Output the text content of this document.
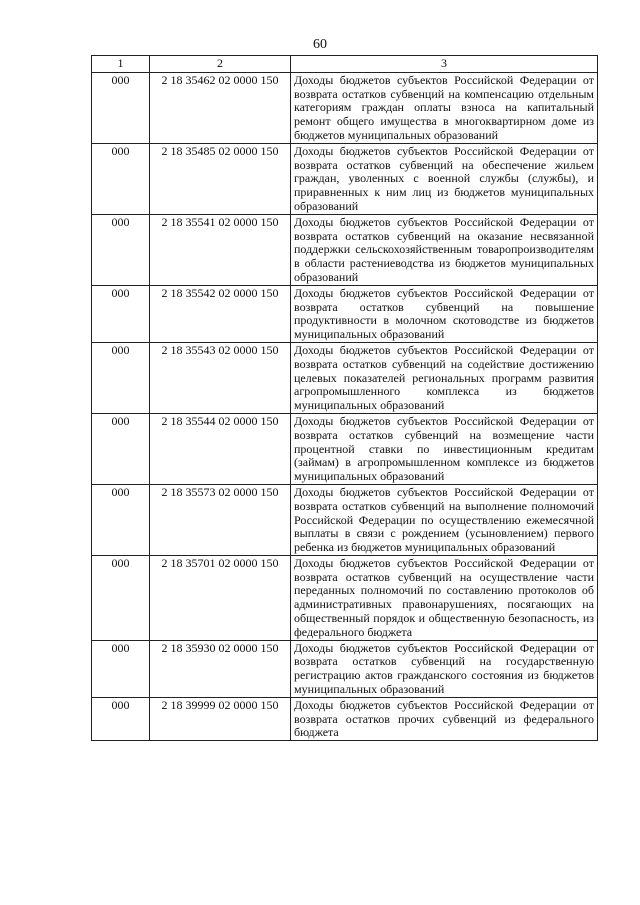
60
1	2	3
000	2 18 35462 02 0000 150	Доходы бюджетов субъектов Российской Федерации от возврата остатков субвенций на компенсацию отдельным категориям граждан оплаты взноса на капитальный ремонт общего имущества в многоквартирном доме из бюджетов муниципальных образований
000	2 18 35485 02 0000 150	Доходы бюджетов субъектов Российской Федерации от возврата остатков субвенций на обеспечение жильем граждан, уволенных с военной службы (службы), и приравненных к ним лиц из бюджетов муниципальных образований
000	2 18 35541 02 0000 150	Доходы бюджетов субъектов Российской Федерации от возврата остатков субвенций на оказание несвязанной поддержки сельскохозяйственным товаропроизводителям в области растениеводства из бюджетов муниципальных образований
000	2 18 35542 02 0000 150	Доходы бюджетов субъектов Российской Федерации от возврата остатков субвенций на повышение продуктивности в молочном скотоводстве из бюджетов муниципальных образований
000	2 18 35543 02 0000 150	Доходы бюджетов субъектов Российской Федерации от возврата остатков субвенций на содействие достижению целевых показателей региональных программ развития агропромышленного комплекса из бюджетов муниципальных образований
000	2 18 35544 02 0000 150	Доходы бюджетов субъектов Российской Федерации от возврата остатков субвенций на возмещение части процентной ставки по инвестиционным кредитам (займам) в агропромышленном комплексе из бюджетов муниципальных образований
000	2 18 35573 02 0000 150	Доходы бюджетов субъектов Российской Федерации от возврата остатков субвенций на выполнение полномочий Российской Федерации по осуществлению ежемесячной выплаты в связи с рождением (усыновлением) первого ребенка из бюджетов муниципальных образований
000	2 18 35701 02 0000 150	Доходы бюджетов субъектов Российской Федерации от возврата остатков субвенций на осуществление части переданных полномочий по составлению протоколов об административных правонарушениях, посягающих на общественный порядок и общественную безопасность, из федерального бюджета
000	2 18 35930 02 0000 150	Доходы бюджетов субъектов Российской Федерации от возврата остатков субвенций на государственную регистрацию актов гражданского состояния из бюджетов муниципальных образований
000	2 18 39999 02 0000 150	Доходы бюджетов субъектов Российской Федерации от возврата остатков прочих субвенций из федерального бюджета
